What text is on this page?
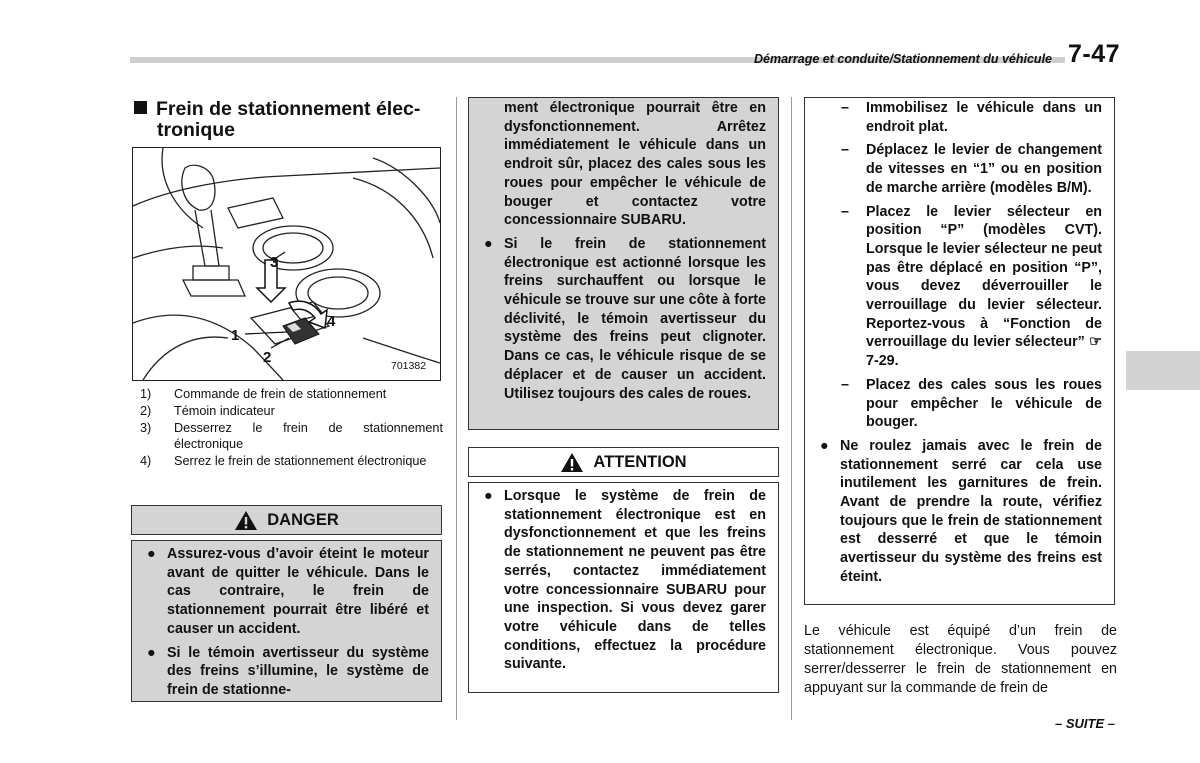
Démarrage et conduite/Stationnement du véhicule 7-47
Frein de stationnement élec-
tronique
1
2
3
4
701382
1)	Commande de frein de stationnement
2)	Témoin indicateur
3)	Desserrez le frein de stationnement électronique
4)	Serrez le frein de stationnement électronique
DANGER
● Assurez-vous d’avoir éteint le moteur avant de quitter le véhicule. Dans le cas contraire, le frein de stationnement pourrait être libéré et causer un accident.
● Si le témoin avertisseur du système des freins s’illumine, le système de frein de stationne-
ment électronique pourrait être en dysfonctionnement. Arrêtez immédiatement le véhicule dans un endroit sûr, placez des cales sous les roues pour empêcher le véhicule de bouger et contactez votre concessionnaire SUBARU.
● Si le frein de stationnement électronique est actionné lorsque les freins surchauffent ou lorsque le véhicule se trouve sur une côte à forte déclivité, le témoin avertisseur du système des freins peut clignoter. Dans ce cas, le véhicule risque de se déplacer et de causer un accident. Utilisez toujours des cales de roues.
ATTENTION
● Lorsque le système de frein de stationnement électronique est en dysfonctionnement et que les freins de stationnement ne peuvent pas être serrés, contactez immédiatement votre concessionnaire SUBARU pour une inspection. Si vous devez garer votre véhicule dans de telles conditions, effectuez la procédure suivante.
– Immobilisez le véhicule dans un endroit plat.
– Déplacez le levier de changement de vitesses en “1” ou en position de marche arrière (modèles B/M).
– Placez le levier sélecteur en position “P” (modèles CVT). Lorsque le levier sélecteur ne peut pas être déplacé en position “P”, vous devez déverrouiller le verrouillage du levier sélecteur. Reportez-vous à “Fonction de verrouillage du levier sélecteur” ☞7-29.
– Placez des cales sous les roues pour empêcher le véhicule de bouger.
● Ne roulez jamais avec le frein de stationnement serré car cela use inutilement les garnitures de frein. Avant de prendre la route, vérifiez toujours que le frein de stationnement est desserré et que le témoin avertisseur du système des freins est éteint.
Le véhicule est équipé d’un frein de stationnement électronique. Vous pouvez serrer/desserrer le frein de stationnement en appuyant sur la commande de frein de
– SUITE –
